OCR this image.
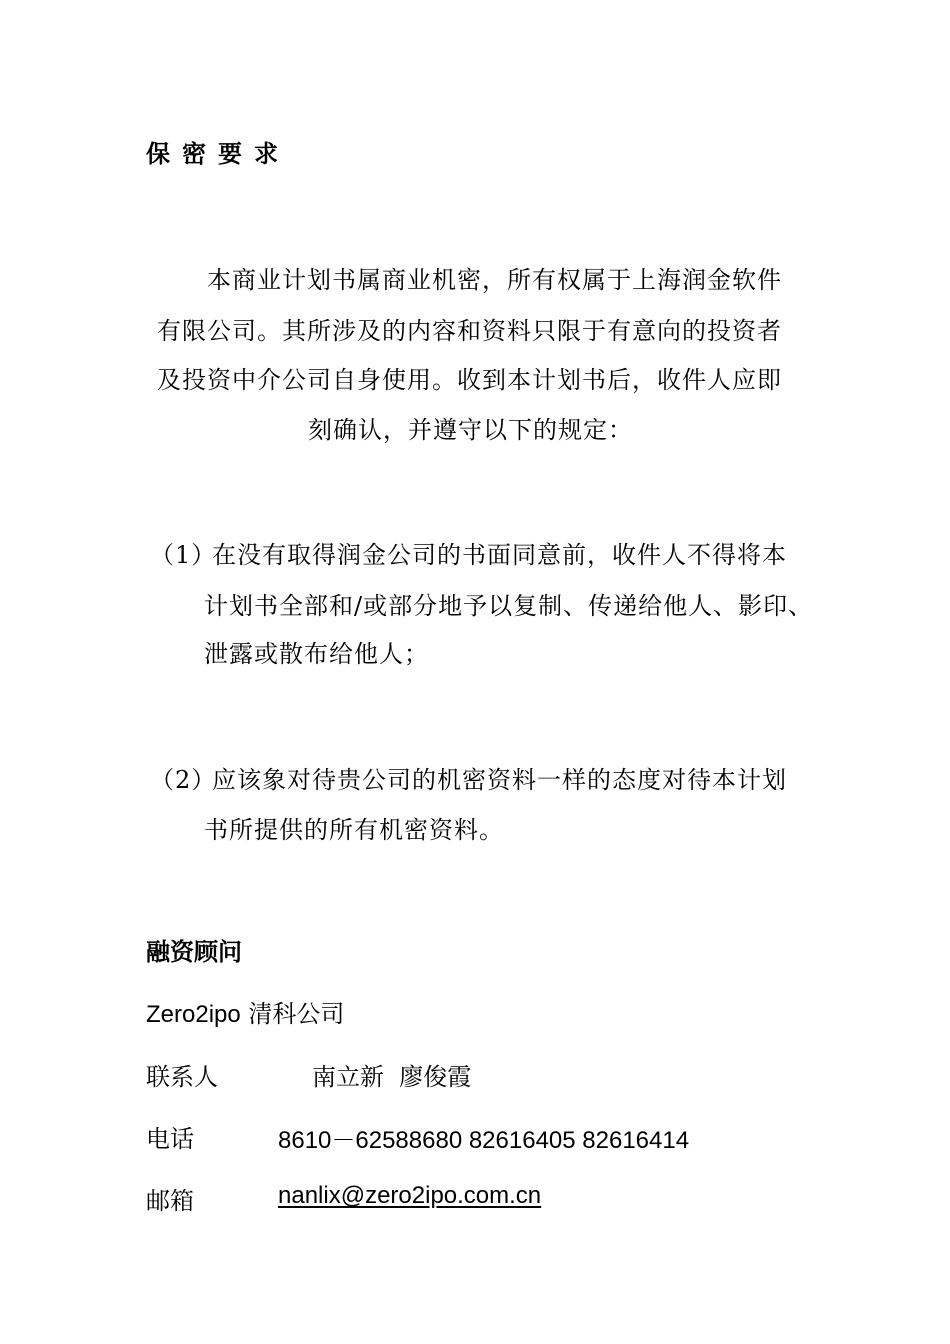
保密要求
本商业计划书属商业机密，所有权属于上海润金软件
有限公司。其所涉及的内容和资料只限于有意向的投资者
及投资中介公司自身使用。收到本计划书后，收件人应即
刻确认，并遵守以下的规定：
（1）
在没有取得润金公司的书面同意前，收件人不得将本
计划书全部和/或部分地予以复制、传递给他人、影印、
泄露或散布给他人；
（2）
应该象对待贵公司的机密资料一样的态度对待本计划
书所提供的所有机密资料。
融资顾问
Zero2ipo 清科公司
联系人	南立新  廖俊霞
电话	8610－62588680 82616405 82616414
邮箱	nanlix@zero2ipo.com.cn
